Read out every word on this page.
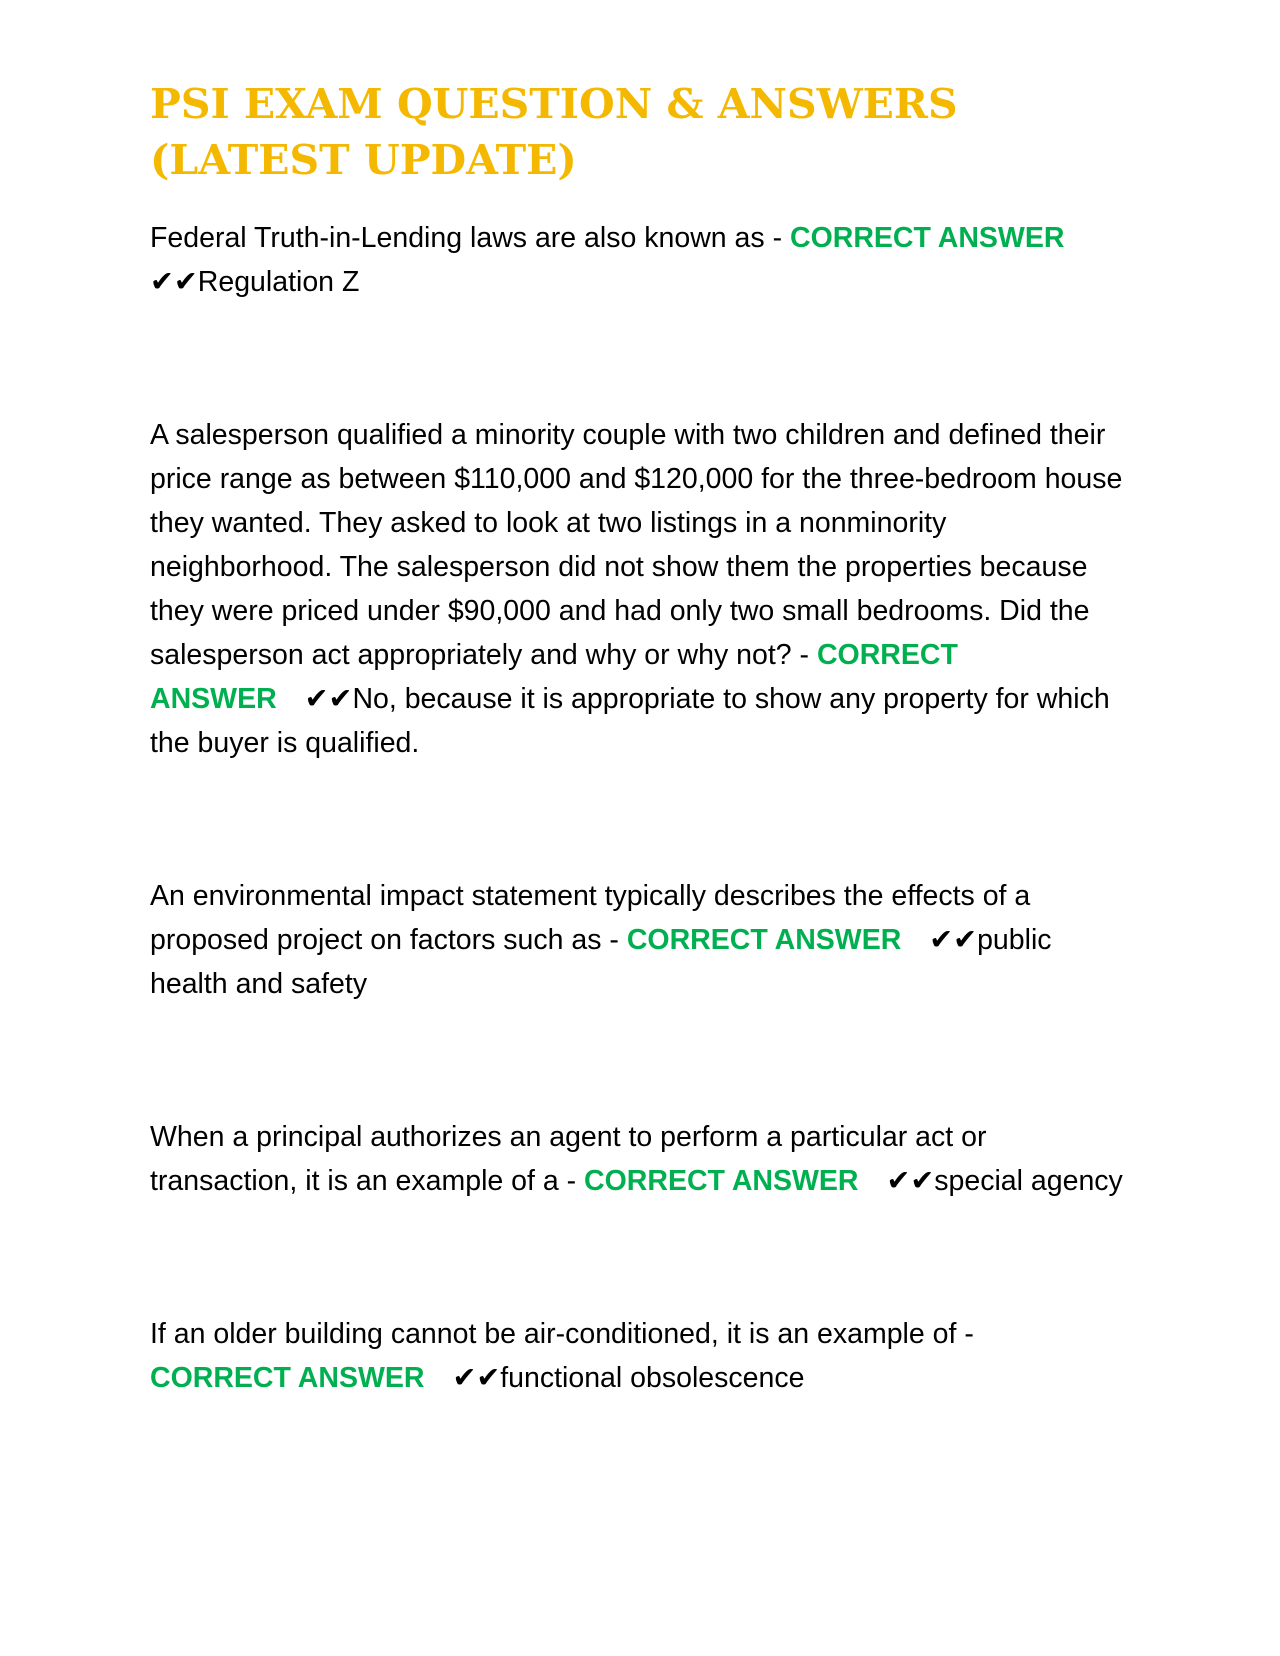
PSI EXAM QUESTION & ANSWERS
(LATEST UPDATE)

Federal Truth-in-Lending laws are also known as - CORRECT ANSWER
✔✔Regulation Z

A salesperson qualified a minority couple with two children and defined their price range as between $110,000 and $120,000 for the three-bedroom house they wanted. They asked to look at two listings in a nonminority neighborhood. The salesperson did not show them the properties because they were priced under $90,000 and had only two small bedrooms. Did the salesperson act appropriately and why or why not? - CORRECT ANSWER ✔✔No, because it is appropriate to show any property for which the buyer is qualified.

An environmental impact statement typically describes the effects of a proposed project on factors such as - CORRECT ANSWER ✔✔public health and safety

When a principal authorizes an agent to perform a particular act or transaction, it is an example of a - CORRECT ANSWER ✔✔special agency

If an older building cannot be air-conditioned, it is an example of -
CORRECT ANSWER ✔✔functional obsolescence
